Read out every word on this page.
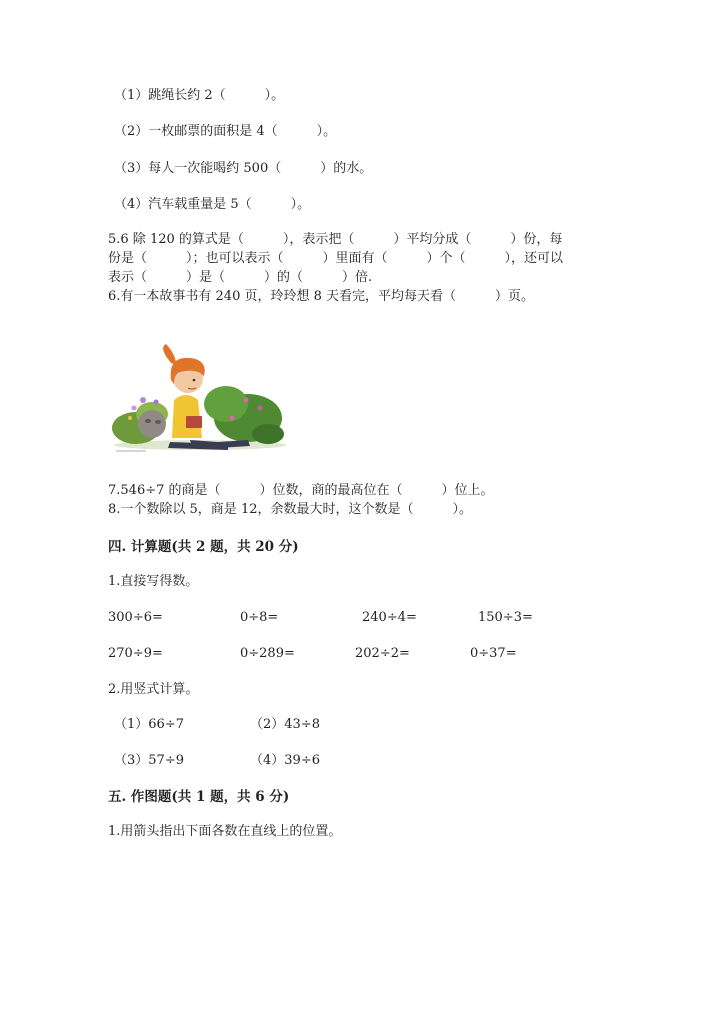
（1）跳绳长约 2（　　　）。
（2）一枚邮票的面积是 4（　　　）。
（3）每人一次能喝约 500（　　　）的水。
（4）汽车载重量是 5（　　　）。
5.6 除 120 的算式是（　　　），表示把（　　　）平均分成（　　　）份，每
份是（　　　）；也可以表示（　　　）里面有（　　　）个（　　　），还可以
表示（　　　）是（　　　）的（　　　）倍.
6.有一本故事书有 240 页，玲玲想 8 天看完，平均每天看（　　　）页。
7.546÷7 的商是（　　　）位数，商的最高位在（　　　）位上。
8.一个数除以 5，商是 12，余数最大时，这个数是（　　　）。
四. 计算题(共 2 题，共 20 分)
1.直接写得数。
300÷6=	0÷8=	240÷4=	150÷3=
270÷9=	0÷289=	202÷2=	0÷37=
2.用竖式计算。
（1）66÷7	（2）43÷8
（3）57÷9	（4）39÷6
五. 作图题(共 1 题，共 6 分)
1.用箭头指出下面各数在直线上的位置。
